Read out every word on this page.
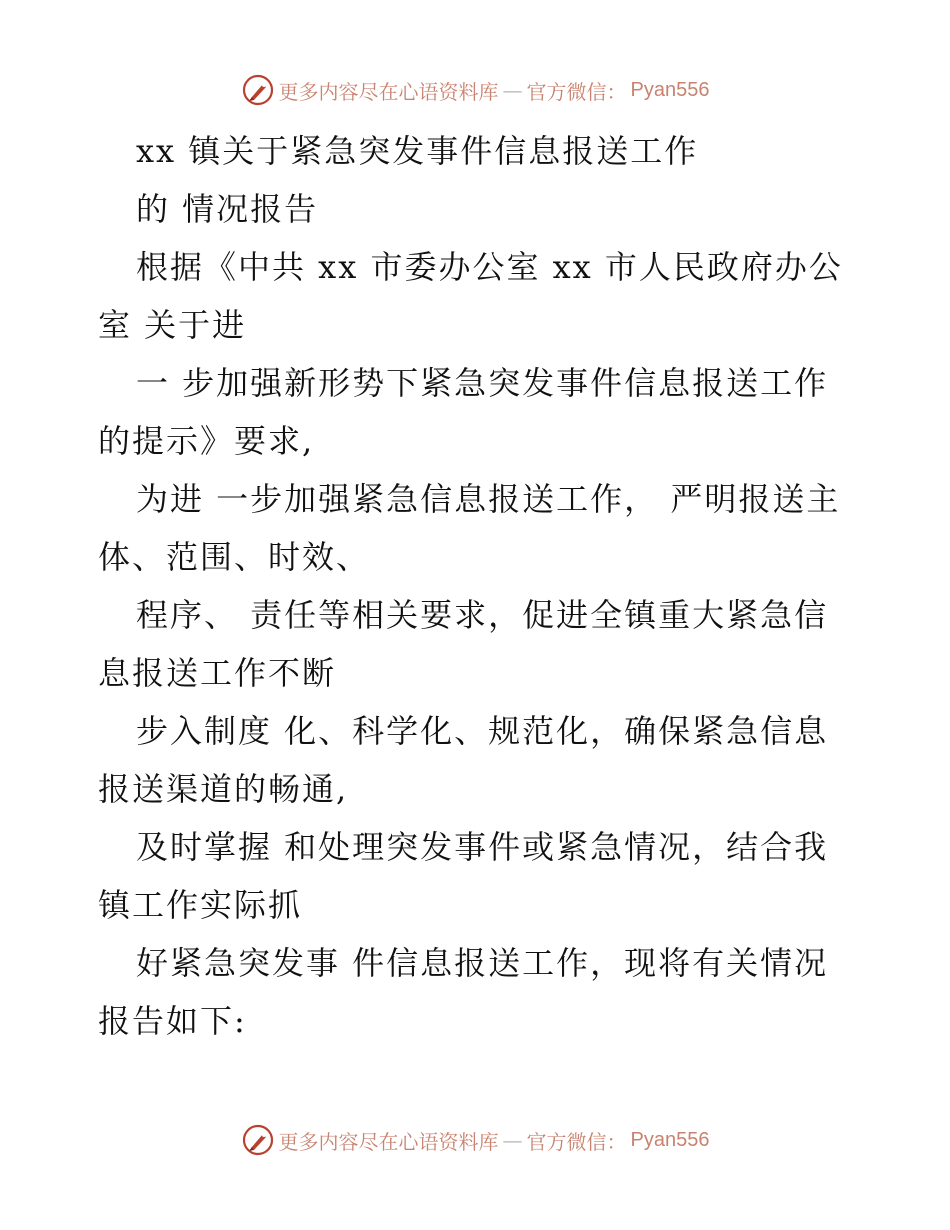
更多内容尽在心语资料库 — 官方微信： Pyan556
xx 镇关于紧急突发事件信息报送工作
的 情况报告
根据《中共 xx 市委办公室 xx 市人民政府办公
室 关于进
一 步加强新形势下紧急突发事件信息报送工作
的提示》要求,
为进 一步加强紧急信息报送工作， 严明报送主
体、范围、时效、
程序、 责任等相关要求，促进全镇重大紧急信
息报送工作不断
步入制度 化、科学化、规范化，确保紧急信息
报送渠道的畅通,
及时掌握 和处理突发事件或紧急情况，结合我
镇工作实际抓
好紧急突发事 件信息报送工作，现将有关情况
报告如下:
更多内容尽在心语资料库 — 官方微信： Pyan556
